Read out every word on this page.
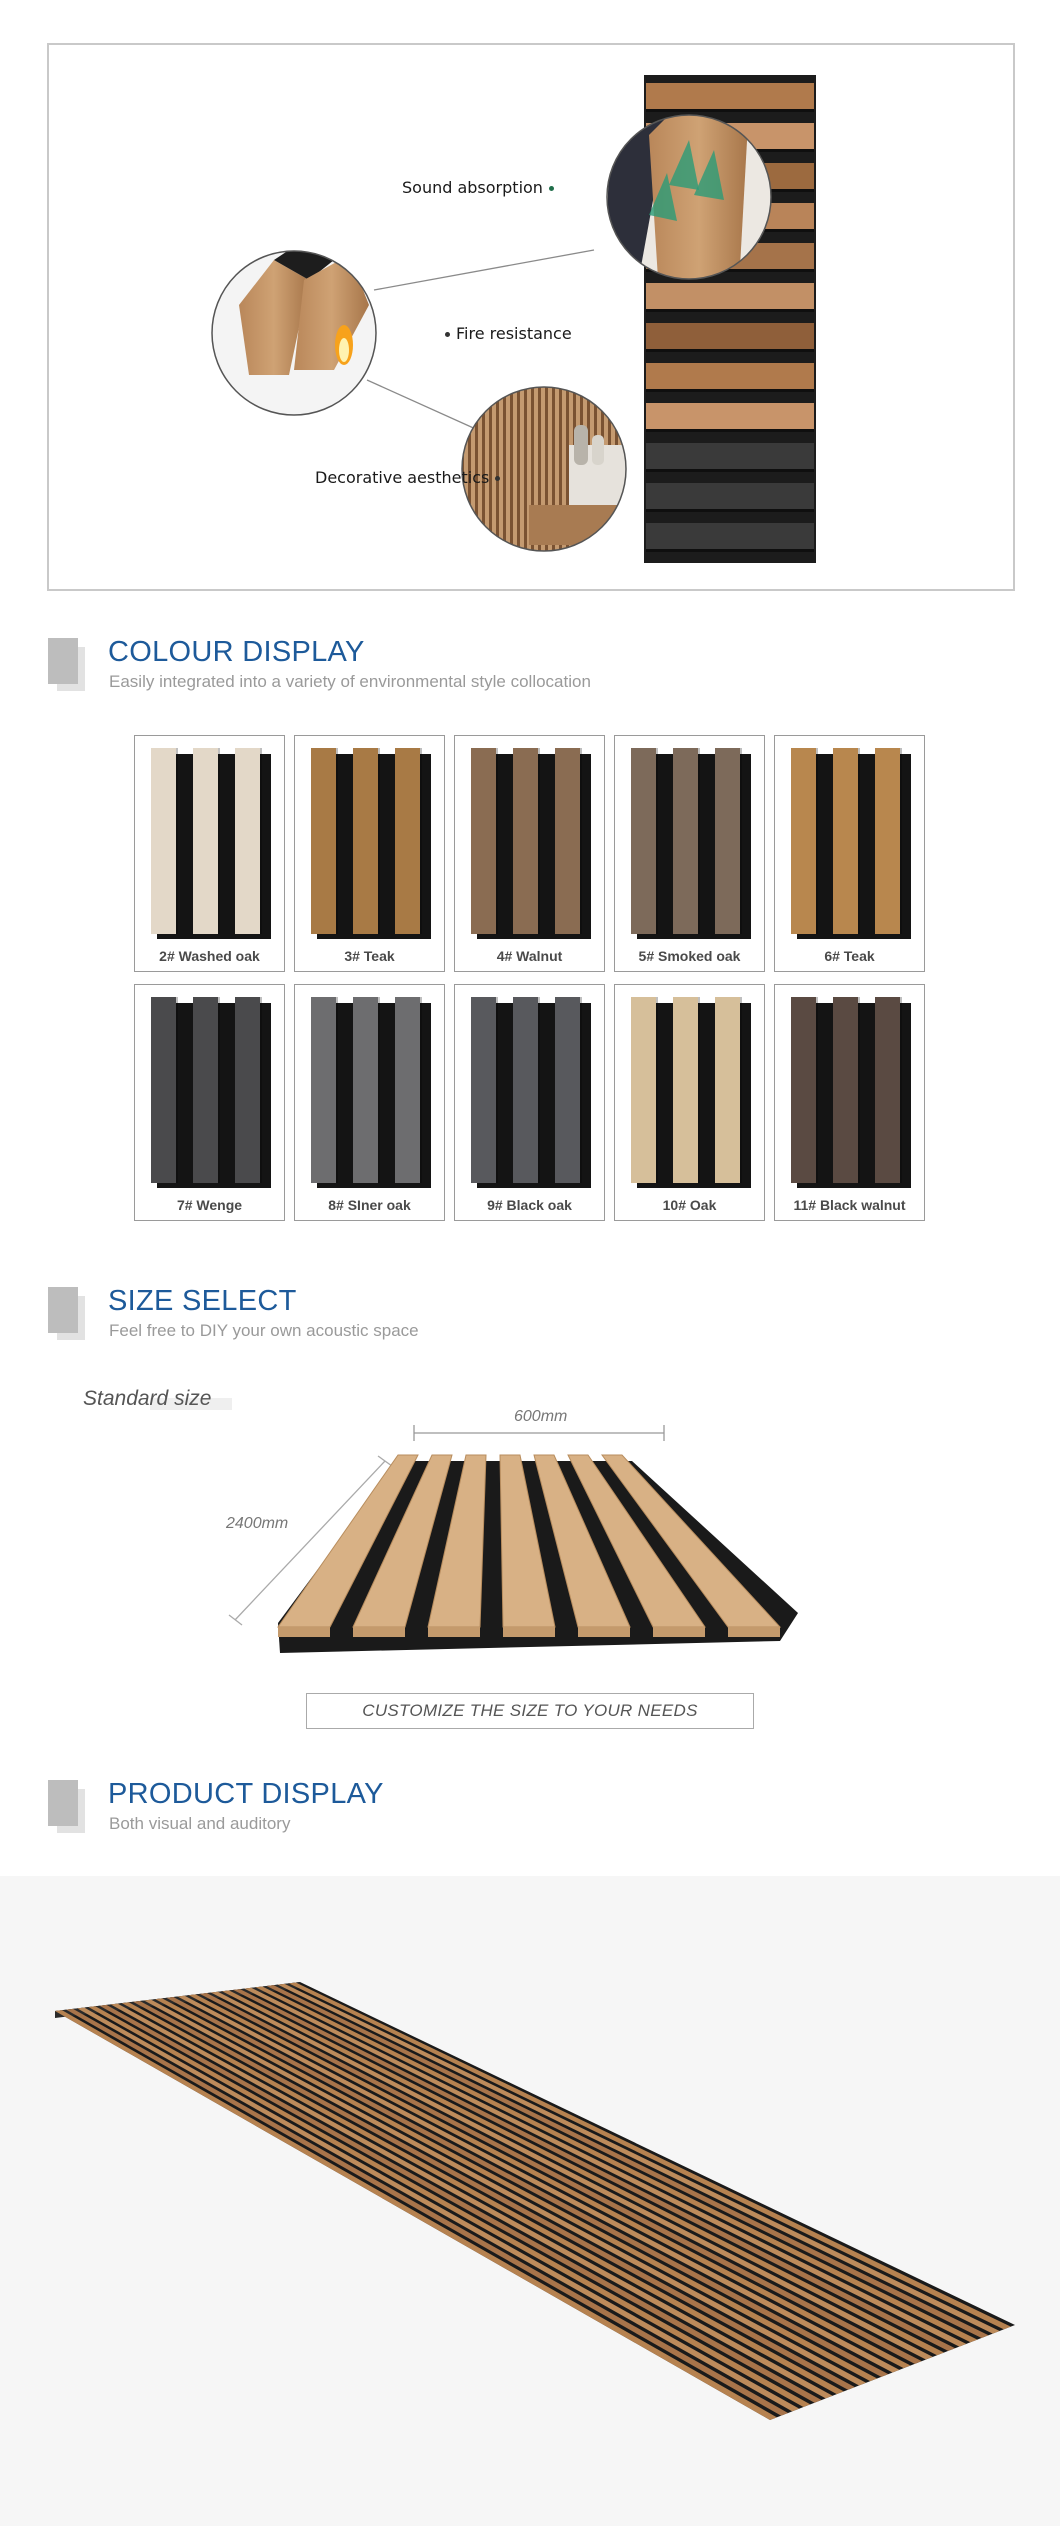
Sound absorption
Fire resistance
Decorative aesthetics
COLOUR DISPLAY
Easily integrated into a variety of environmental style collocation
2# Washed oak	3# Teak	4# Walnut	5# Smoked oak	6# Teak
7# Wenge	8# SIner oak	9# Black oak	10# Oak	11# Black walnut
SIZE SELECT
Feel free to DIY your own acoustic space
Standard size
600mm
2400mm
CUSTOMIZE THE SIZE TO YOUR NEEDS
PRODUCT DISPLAY
Both visual and auditory
